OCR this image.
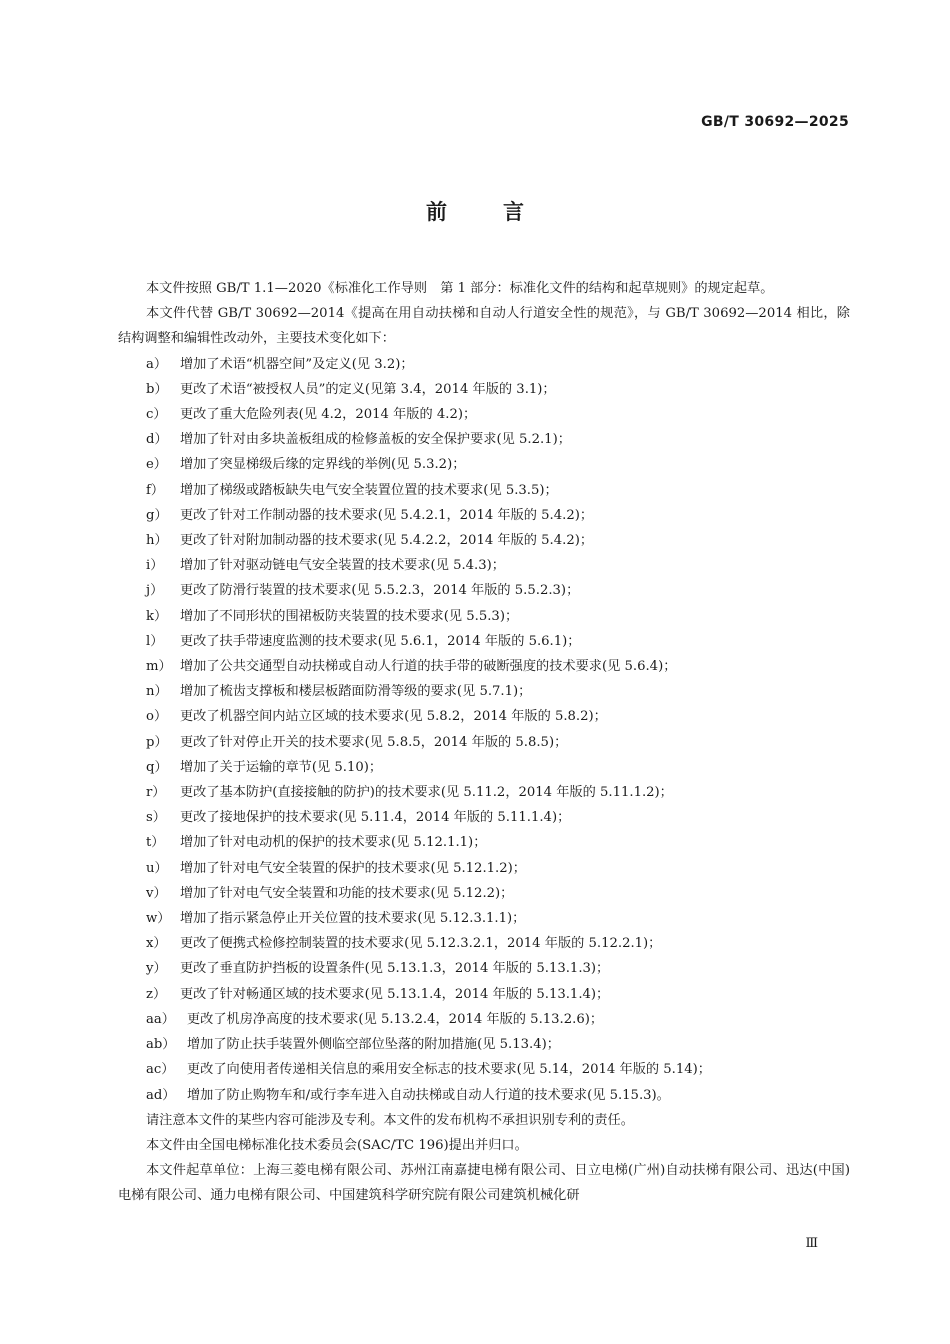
GB/T 30692—2025
前言

本文件按照 GB/T 1.1—2020《标准化工作导则　第 1 部分：标准化文件的结构和起草规则》的规定起草。

本文件代替 GB/T 30692—2014《提高在用自动扶梯和自动人行道安全性的规范》，与 GB/T 30692—2014 相比，除结构调整和编辑性改动外，主要技术变化如下：

a） 增加了术语“机器空间”及定义(见 3.2)；

b） 更改了术语“被授权人员”的定义(见第 3.4，2014 年版的 3.1)；

c） 更改了重大危险列表(见 4.2，2014 年版的 4.2)；

d） 增加了针对由多块盖板组成的检修盖板的安全保护要求(见 5.2.1)；

e） 增加了突显梯级后缘的定界线的举例(见 5.3.2)；

f） 增加了梯级或踏板缺失电气安全装置位置的技术要求(见 5.3.5)；

g） 更改了针对工作制动器的技术要求(见 5.4.2.1，2014 年版的 5.4.2)；

h） 更改了针对附加制动器的技术要求(见 5.4.2.2，2014 年版的 5.4.2)；

i） 增加了针对驱动链电气安全装置的技术要求(见 5.4.3)；

j） 更改了防滑行装置的技术要求(见 5.5.2.3，2014 年版的 5.5.2.3)；

k） 增加了不同形状的围裙板防夹装置的技术要求(见 5.5.3)；

l） 更改了扶手带速度监测的技术要求(见 5.6.1，2014 年版的 5.6.1)；

m） 增加了公共交通型自动扶梯或自动人行道的扶手带的破断强度的技术要求(见 5.6.4)；

n） 增加了梳齿支撑板和楼层板踏面防滑等级的要求(见 5.7.1)；

o） 更改了机器空间内站立区域的技术要求(见 5.8.2，2014 年版的 5.8.2)；

p） 更改了针对停止开关的技术要求(见 5.8.5，2014 年版的 5.8.5)；

q） 增加了关于运输的章节(见 5.10)；

r） 更改了基本防护(直接接触的防护)的技术要求(见 5.11.2，2014 年版的 5.11.1.2)；

s） 更改了接地保护的技术要求(见 5.11.4，2014 年版的 5.11.1.4)；

t） 增加了针对电动机的保护的技术要求(见 5.12.1.1)；

u） 增加了针对电气安全装置的保护的技术要求(见 5.12.1.2)；

v） 增加了针对电气安全装置和功能的技术要求(见 5.12.2)；

w） 增加了指示紧急停止开关位置的技术要求(见 5.12.3.1.1)；

x） 更改了便携式检修控制装置的技术要求(见 5.12.3.2.1，2014 年版的 5.12.2.1)；

y） 更改了垂直防护挡板的设置条件(见 5.13.1.3，2014 年版的 5.13.1.3)；

z） 更改了针对畅通区域的技术要求(见 5.13.1.4，2014 年版的 5.13.1.4)；

aa） 更改了机房净高度的技术要求(见 5.13.2.4，2014 年版的 5.13.2.6)；

ab） 增加了防止扶手装置外侧临空部位坠落的附加措施(见 5.13.4)；

ac） 更改了向使用者传递相关信息的乘用安全标志的技术要求(见 5.14，2014 年版的 5.14)；

ad） 增加了防止购物车和/或行李车进入自动扶梯或自动人行道的技术要求(见 5.15.3)。

请注意本文件的某些内容可能涉及专利。本文件的发布机构不承担识别专利的责任。

本文件由全国电梯标准化技术委员会(SAC/TC 196)提出并归口。

本文件起草单位：上海三菱电梯有限公司、苏州江南嘉捷电梯有限公司、日立电梯(广州)自动扶梯有限公司、迅达(中国)电梯有限公司、通力电梯有限公司、中国建筑科学研究院有限公司建筑机械化研

Ⅲ
